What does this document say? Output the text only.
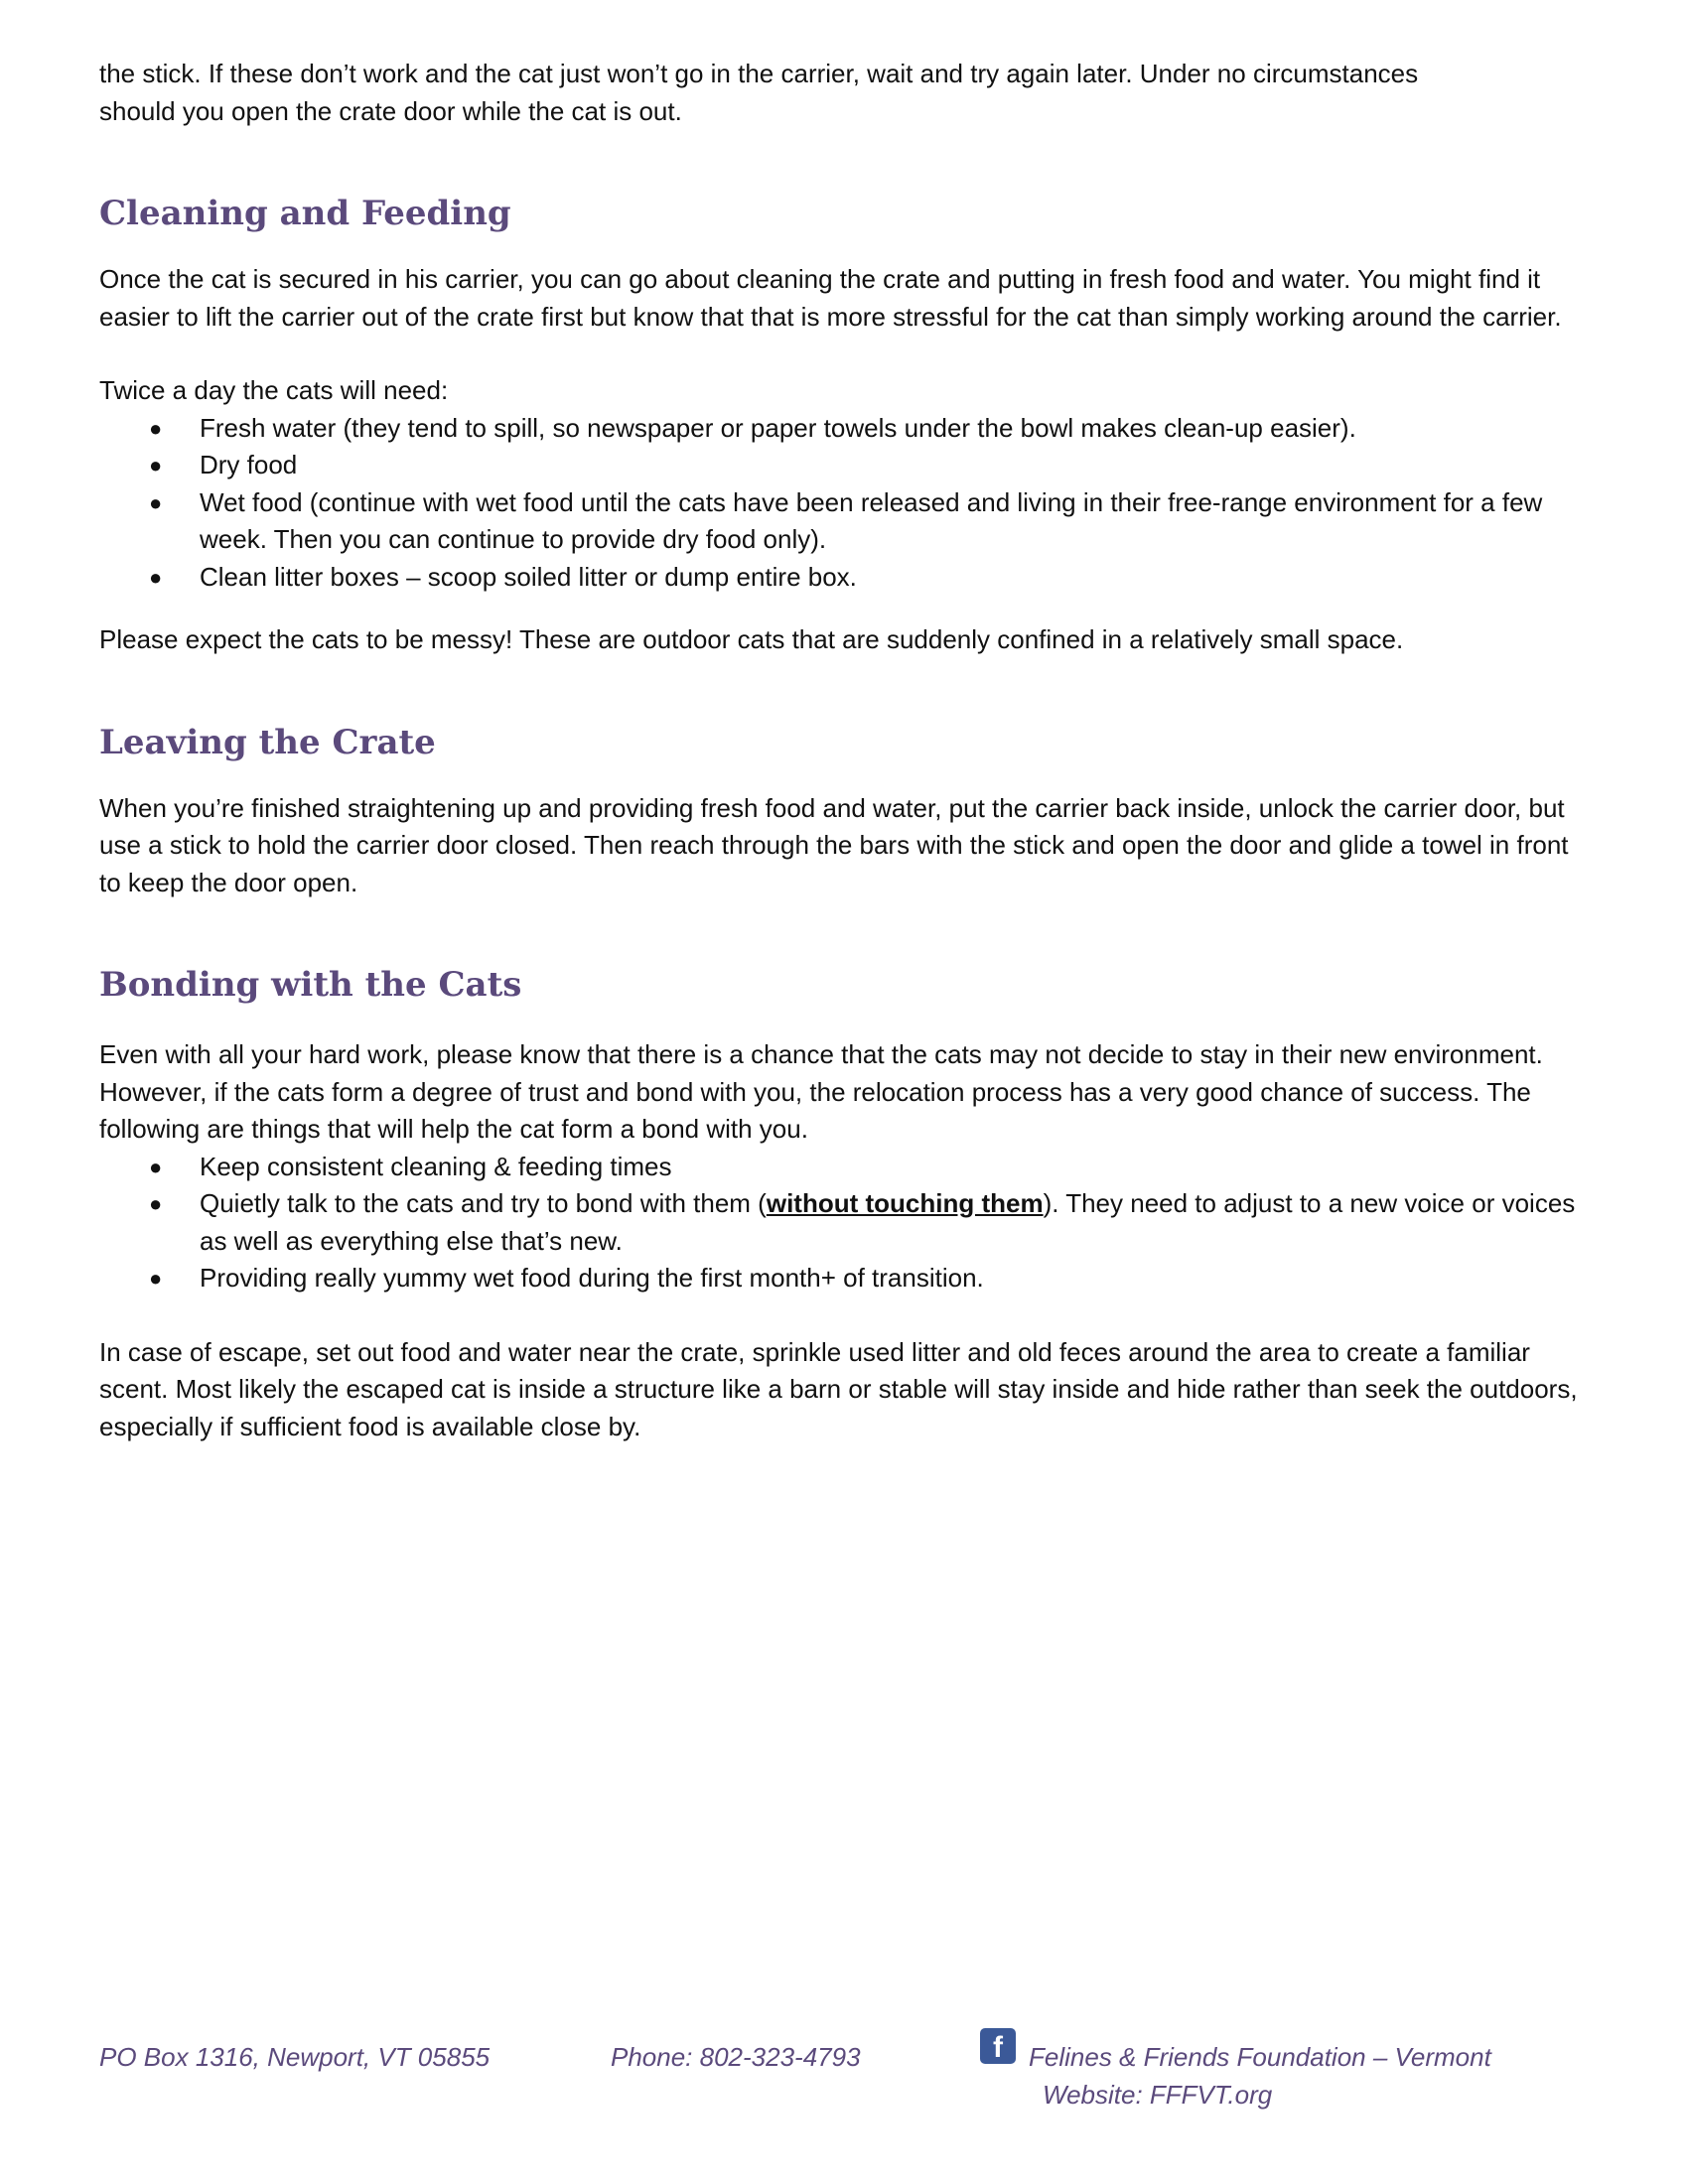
the stick. If these don’t work and the cat just won’t go in the carrier, wait and try again later. Under no circumstances

should you open the crate door while the cat is out.

Cleaning and Feeding

Once the cat is secured in his carrier, you can go about cleaning the crate and putting in fresh food and water. You might find it easier to lift the carrier out of the crate first but know that that is more stressful for the cat than simply working around the carrier.

Twice a day the cats will need:

● Fresh water (they tend to spill, so newspaper or paper towels under the bowl makes clean-up easier).
● Dry food
● Wet food (continue with wet food until the cats have been released and living in their free-range environment for a few week. Then you can continue to provide dry food only).
● Clean litter boxes – scoop soiled litter or dump entire box.

Please expect the cats to be messy! These are outdoor cats that are suddenly confined in a relatively small space.

Leaving the Crate

When you’re finished straightening up and providing fresh food and water, put the carrier back inside, unlock the carrier door, but use a stick to hold the carrier door closed. Then reach through the bars with the stick and open the door and glide a towel in front to keep the door open.

Bonding with the Cats

Even with all your hard work, please know that there is a chance that the cats may not decide to stay in their new environment. However, if the cats form a degree of trust and bond with you, the relocation process has a very good chance of success. The following are things that will help the cat form a bond with you.

● Keep consistent cleaning & feeding times
● Quietly talk to the cats and try to bond with them (without touching them). They need to adjust to a new voice or voices as well as everything else that’s new.
● Providing really yummy wet food during the first month+ of transition.

In case of escape, set out food and water near the crate, sprinkle used litter and old feces around the area to create a familiar scent. Most likely the escaped cat is inside a structure like a barn or stable will stay inside and hide rather than seek the outdoors, especially if sufficient food is available close by.

PO Box 1316, Newport, VT 05855	Phone: 802-323-4793	f	Felines & Friends Foundation – Vermont
Website: FFFVT.org
